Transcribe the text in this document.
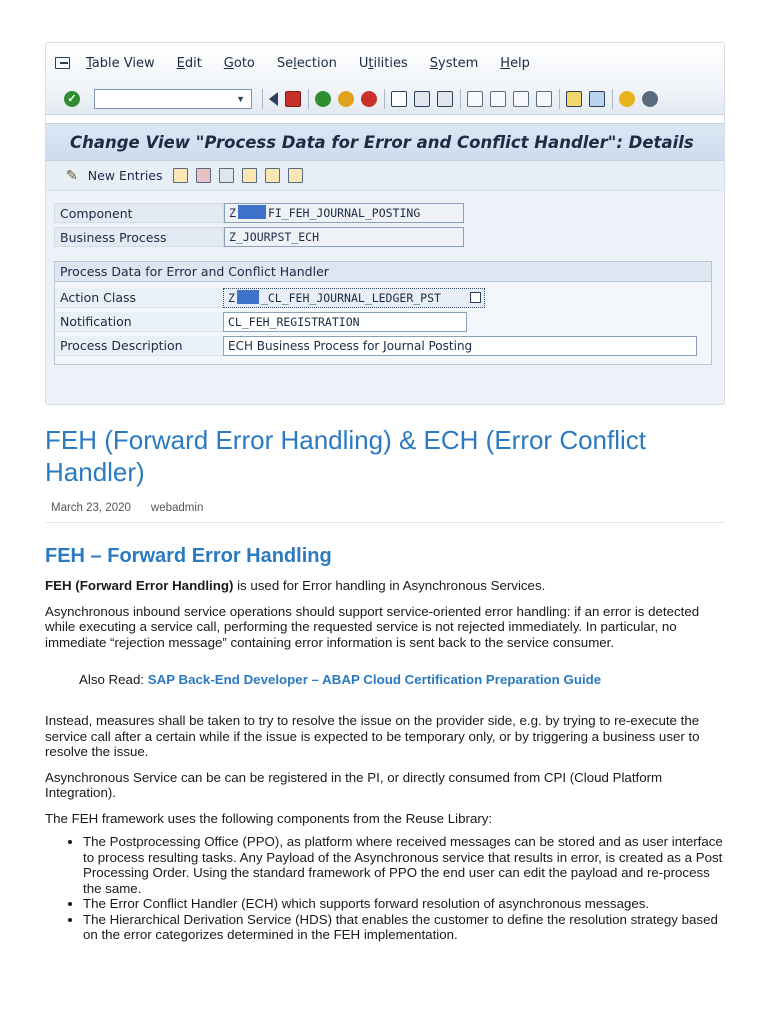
Table View Edit Goto Selection Utilities System Help
✓	▼
Change View "Process Data for Error and Conflict Handler": Details
✎ New Entries
Component	Z	FI_FEH_JOURNAL_POSTING
Business Process	Z_JOURPST_ECH
Process Data for Error and Conflict Handler
Action Class	Z _CL_FEH_JOURNAL_LEDGER_PST
Notification	CL_FEH_REGISTRATION
Process Description	ECH Business Process for Journal Posting
FEH (Forward Error Handling) & ECH (Error Conflict Handler)
March 23, 2020 webadmin
FEH – Forward Error Handling

FEH (Forward Error Handling) is used for Error handling in Asynchronous Services.

Asynchronous inbound service operations should support service-oriented error handling: if an error is detected while executing a service call, performing the requested service is not rejected immediately. In particular, no immediate “rejection message” containing error information is sent back to the service consumer.

Also Read: SAP Back-End Developer – ABAP Cloud Certification Preparation Guide

Instead, measures shall be taken to try to resolve the issue on the provider side, e.g. by trying to re-execute the service call after a certain while if the issue is expected to be temporary only, or by triggering a business user to resolve the issue.

Asynchronous Service can be can be registered in the PI, or directly consumed from CPI (Cloud Platform Integration).

The FEH framework uses the following components from the Reuse Library:

• The Postprocessing Office (PPO), as platform where received messages can be stored and as user interface to process resulting tasks. Any Payload of the Asynchronous service that results in error, is created as a Post Processing Order. Using the standard framework of PPO the end user can edit the payload and re-process the same.
• The Error Conflict Handler (ECH) which supports forward resolution of asynchronous messages.
• The Hierarchical Derivation Service (HDS) that enables the customer to define the resolution strategy based on the error categorizes determined in the FEH implementation.
